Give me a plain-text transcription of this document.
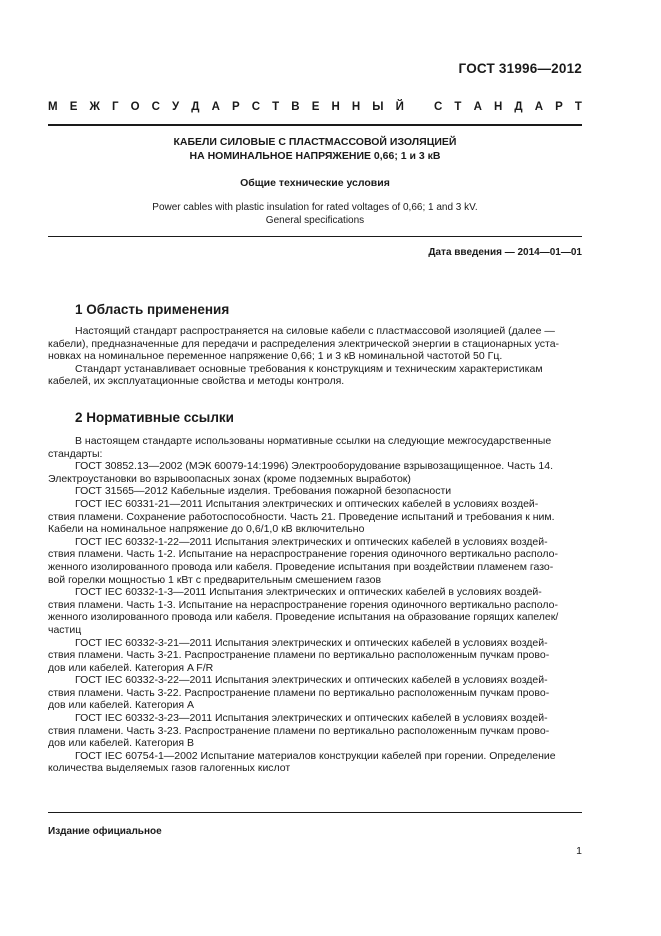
ГОСТ 31996—2012
М Е Ж Г О С У Д А Р С Т В Е Н Н Ы Й	С Т А Н Д А Р Т
КАБЕЛИ СИЛОВЫЕ С ПЛАСТМАССОВОЙ ИЗОЛЯЦИЕЙ
НА НОМИНАЛЬНОЕ НАПРЯЖЕНИЕ 0,66; 1 и 3 кВ
Общие технические условия
Power cables with plastic insulation for rated voltages of 0,66; 1 and 3 kV.
General specifications
Дата введения — 2014—01—01
1 Область применения

Настоящий стандарт распространяется на силовые кабели с пластмассовой изоляцией (далее —
кабели), предназначенные для передачи и распределения электрической энергии в стационарных уста-
новках на номинальное переменное напряжение 0,66; 1 и 3 кВ номинальной частотой 50 Гц.

Стандарт устанавливает основные требования к конструкциям и техническим характеристикам
кабелей, их эксплуатационные свойства и методы контроля.

2 Нормативные ссылки
В настоящем стандарте использованы нормативные ссылки на следующие межгосударственные
стандарты:
ГОСТ 30852.13—2002 (МЭК 60079-14:1996) Электрооборудование взрывозащищенное. Часть 14.
Электроустановки во взрывоопасных зонах (кроме подземных выработок)
ГОСТ 31565—2012 Кабельные изделия. Требования пожарной безопасности
ГОСТ IEC 60331-21—2011 Испытания электрических и оптических кабелей в условиях воздей-
ствия пламени. Сохранение работоспособности. Часть 21. Проведение испытаний и требования к ним.
Кабели на номинальное напряжение до 0,6/1,0 кВ включительно
ГОСТ IEC 60332-1-22—2011 Испытания электрических и оптических кабелей в условиях воздей-
ствия пламени. Часть 1-2. Испытание на нераспространение горения одиночного вертикально располо-
женного изолированного провода или кабеля. Проведение испытания при воздействии пламенем газо-
вой горелки мощностью 1 кВт с предварительным смешением газов
ГОСТ IEC 60332-1-3—2011 Испытания электрических и оптических кабелей в условиях воздей-
ствия пламени. Часть 1-3. Испытание на нераспространение горения одиночного вертикально располо-
женного изолированного провода или кабеля. Проведение испытания на образование горящих капелек/
частиц
ГОСТ IEC 60332-3-21—2011 Испытания электрических и оптических кабелей в условиях воздей-
ствия пламени. Часть 3-21. Распространение пламени по вертикально расположенным пучкам прово-
дов или кабелей. Категория A F/R
ГОСТ IEC 60332-3-22—2011 Испытания электрических и оптических кабелей в условиях воздей-
ствия пламени. Часть 3-22. Распространение пламени по вертикально расположенным пучкам прово-
дов или кабелей. Категория А
ГОСТ IEC 60332-3-23—2011 Испытания электрических и оптических кабелей в условиях воздей-
ствия пламени. Часть 3-23. Распространение пламени по вертикально расположенным пучкам прово-
дов или кабелей. Категория В
ГОСТ IEC 60754-1—2002 Испытание материалов конструкции кабелей при горении. Определение
количества выделяемых газов галогенных кислот
Издание официальное
1
